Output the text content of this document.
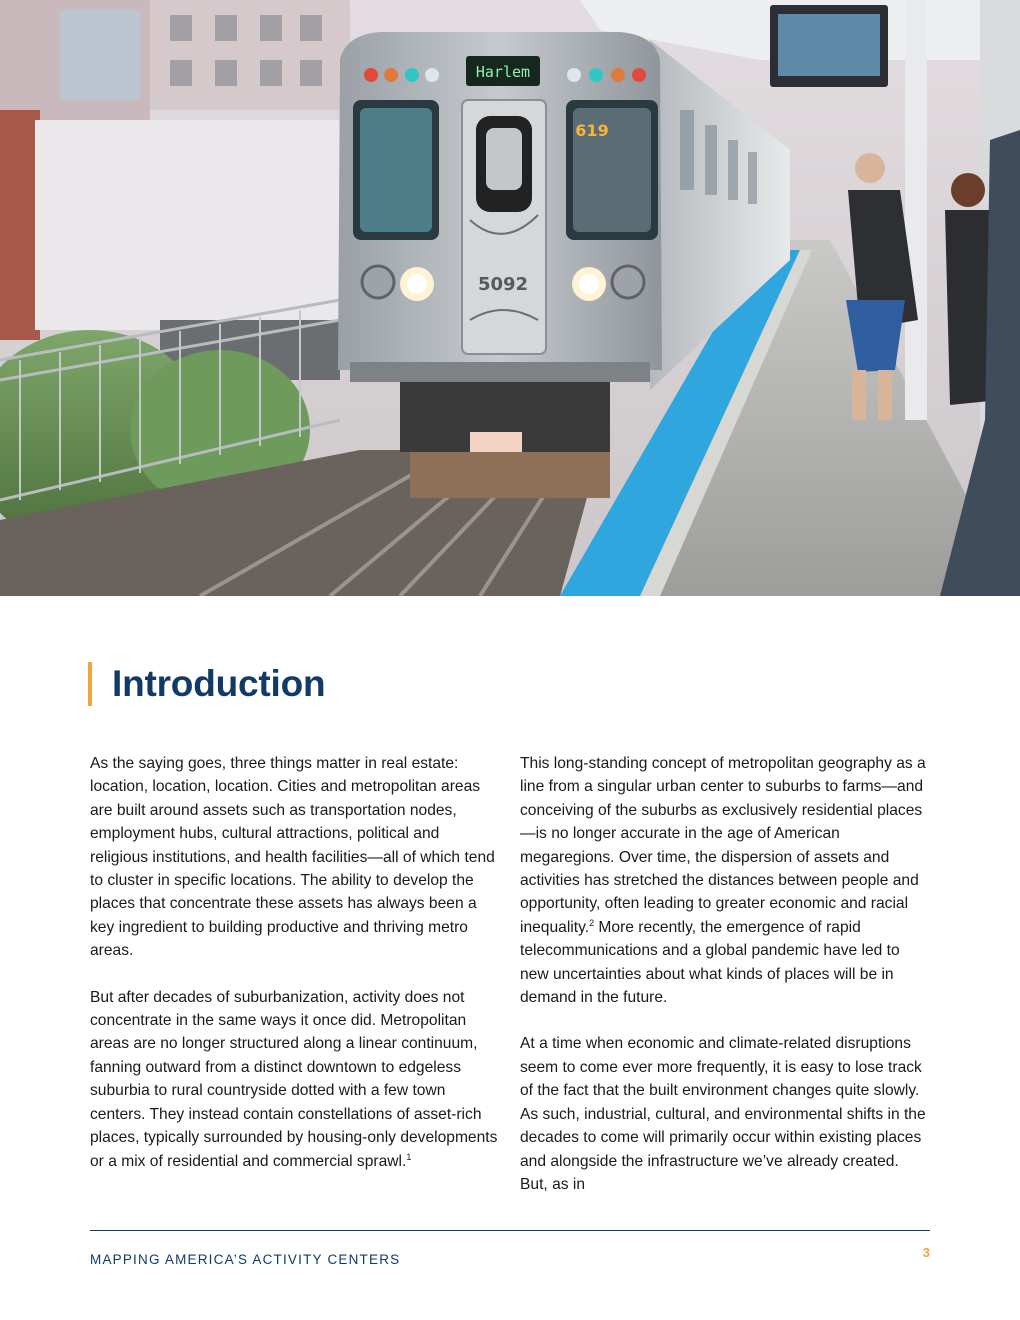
Harlem
619
5092
Introduction

As the saying goes, three things matter in real estate: location, location, location. Cities and metropolitan areas are built around assets such as transportation nodes, employment hubs, cultural attractions, political and religious institutions, and health facilities—all of which tend to cluster in specific locations. The ability to develop the places that concentrate these assets has always been a key ingredient to building productive and thriving metro areas.

But after decades of suburbanization, activity does not concentrate in the same ways it once did. Metropolitan areas are no longer structured along a linear continuum, fanning outward from a distinct downtown to edgeless suburbia to rural countryside dotted with a few town centers. They instead contain constellations of asset-rich places, typically surrounded by housing-only developments or a mix of residential and commercial sprawl.$^1$

This long-standing concept of metropolitan geography as a line from a singular urban center to suburbs to farms—and conceiving of the suburbs as exclusively residential places—is no longer accurate in the age of American megaregions. Over time, the dispersion of assets and activities has stretched the distances between people and opportunity, often leading to greater economic and racial inequality.$^2$ More recently, the emergence of rapid telecommunications and a global pandemic have led to new uncertainties about what kinds of places will be in demand in the future.

At a time when economic and climate-related disruptions seem to come ever more frequently, it is easy to lose track of the fact that the built environment changes quite slowly. As such, industrial, cultural, and environmental shifts in the decades to come will primarily occur within existing places and alongside the infrastructure we’ve already created. But, as in

MAPPING AMERICA’S ACTIVITY CENTERS	3
